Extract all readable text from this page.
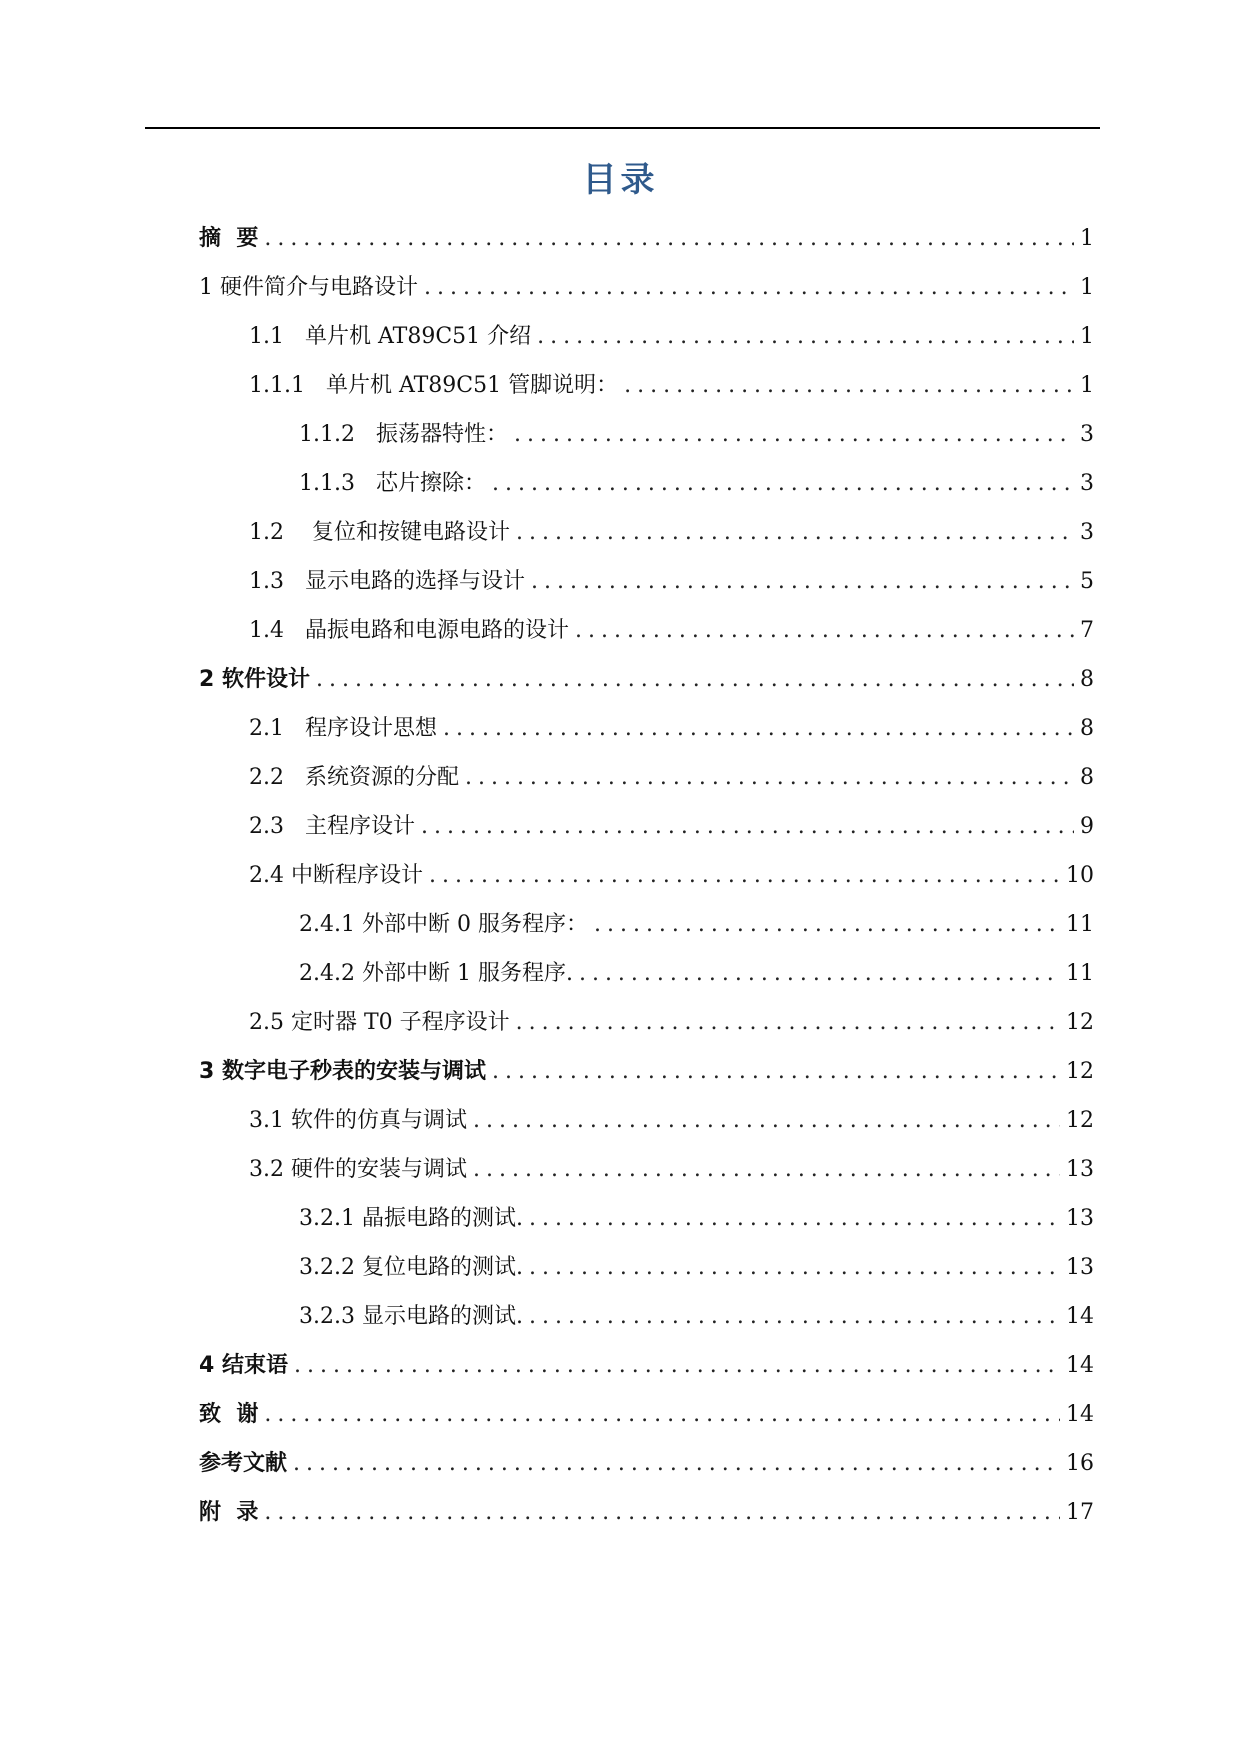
目录
摘  要 .....	1
1 硬件简介与电路设计 .....	1
1.1   单片机 AT89C51 介绍 .....	1
1.1.1   单片机 AT89C51 管脚说明： .....	1
1.1.2   振荡器特性： .....	3
1.1.3   芯片擦除： .....	3
1.2    复位和按键电路设计 .....	3
1.3   显示电路的选择与设计 .....	5
1.4   晶振电路和电源电路的设计 .....	7
2 软件设计 .....	8
2.1   程序设计思想 .....	8
2.2   系统资源的分配 .....	8
2.3   主程序设计 .....	9
2.4 中断程序设计 .....	10
2.4.1 外部中断 0 服务程序： .....	11
2.4.2 外部中断 1 服务程序. .....	11
2.5 定时器 T0 子程序设计 .....	12
3 数字电子秒表的安装与调试 .....	12
3.1 软件的仿真与调试 .....	12
3.2 硬件的安装与调试 .....	13
3.2.1 晶振电路的测试. .....	13
3.2.2 复位电路的测试. .....	13
3.2.3 显示电路的测试. .....	14
4 结束语 .....	14
致  谢 .....	14
参考文献 .....	16
附  录 .....	17
